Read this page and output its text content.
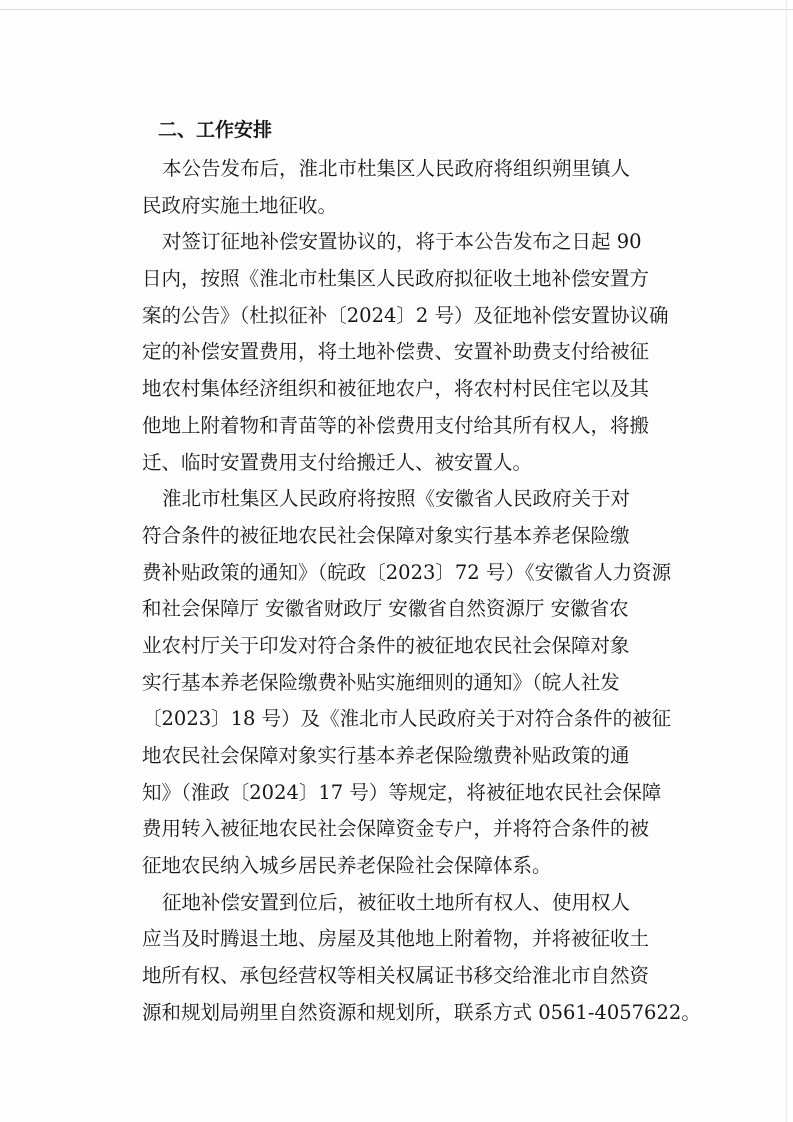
二、工作安排
本公告发布后，淮北市杜集区人民政府将组织朔里镇人
民政府实施土地征收。
对签订征地补偿安置协议的，将于本公告发布之日起 90
日内，按照《淮北市杜集区人民政府拟征收土地补偿安置方
案的公告》（杜拟征补〔2024〕2 号）及征地补偿安置协议确
定的补偿安置费用，将土地补偿费、安置补助费支付给被征
地农村集体经济组织和被征地农户，将农村村民住宅以及其
他地上附着物和青苗等的补偿费用支付给其所有权人，将搬
迁、临时安置费用支付给搬迁人、被安置人。
淮北市杜集区人民政府将按照《安徽省人民政府关于对
符合条件的被征地农民社会保障对象实行基本养老保险缴
费补贴政策的通知》（皖政〔2023〕72 号）《安徽省人力资源
和社会保障厅 安徽省财政厅 安徽省自然资源厅 安徽省农
业农村厅关于印发对符合条件的被征地农民社会保障对象
实行基本养老保险缴费补贴实施细则的通知》（皖人社发
〔2023〕18 号）及《淮北市人民政府关于对符合条件的被征
地农民社会保障对象实行基本养老保险缴费补贴政策的通
知》（淮政〔2024〕17 号）等规定，将被征地农民社会保障
费用转入被征地农民社会保障资金专户，并将符合条件的被
征地农民纳入城乡居民养老保险社会保障体系。
征地补偿安置到位后，被征收土地所有权人、使用权人
应当及时腾退土地、房屋及其他地上附着物，并将被征收土
地所有权、承包经营权等相关权属证书移交给淮北市自然资
源和规划局朔里自然资源和规划所，联系方式 0561-4057622。
